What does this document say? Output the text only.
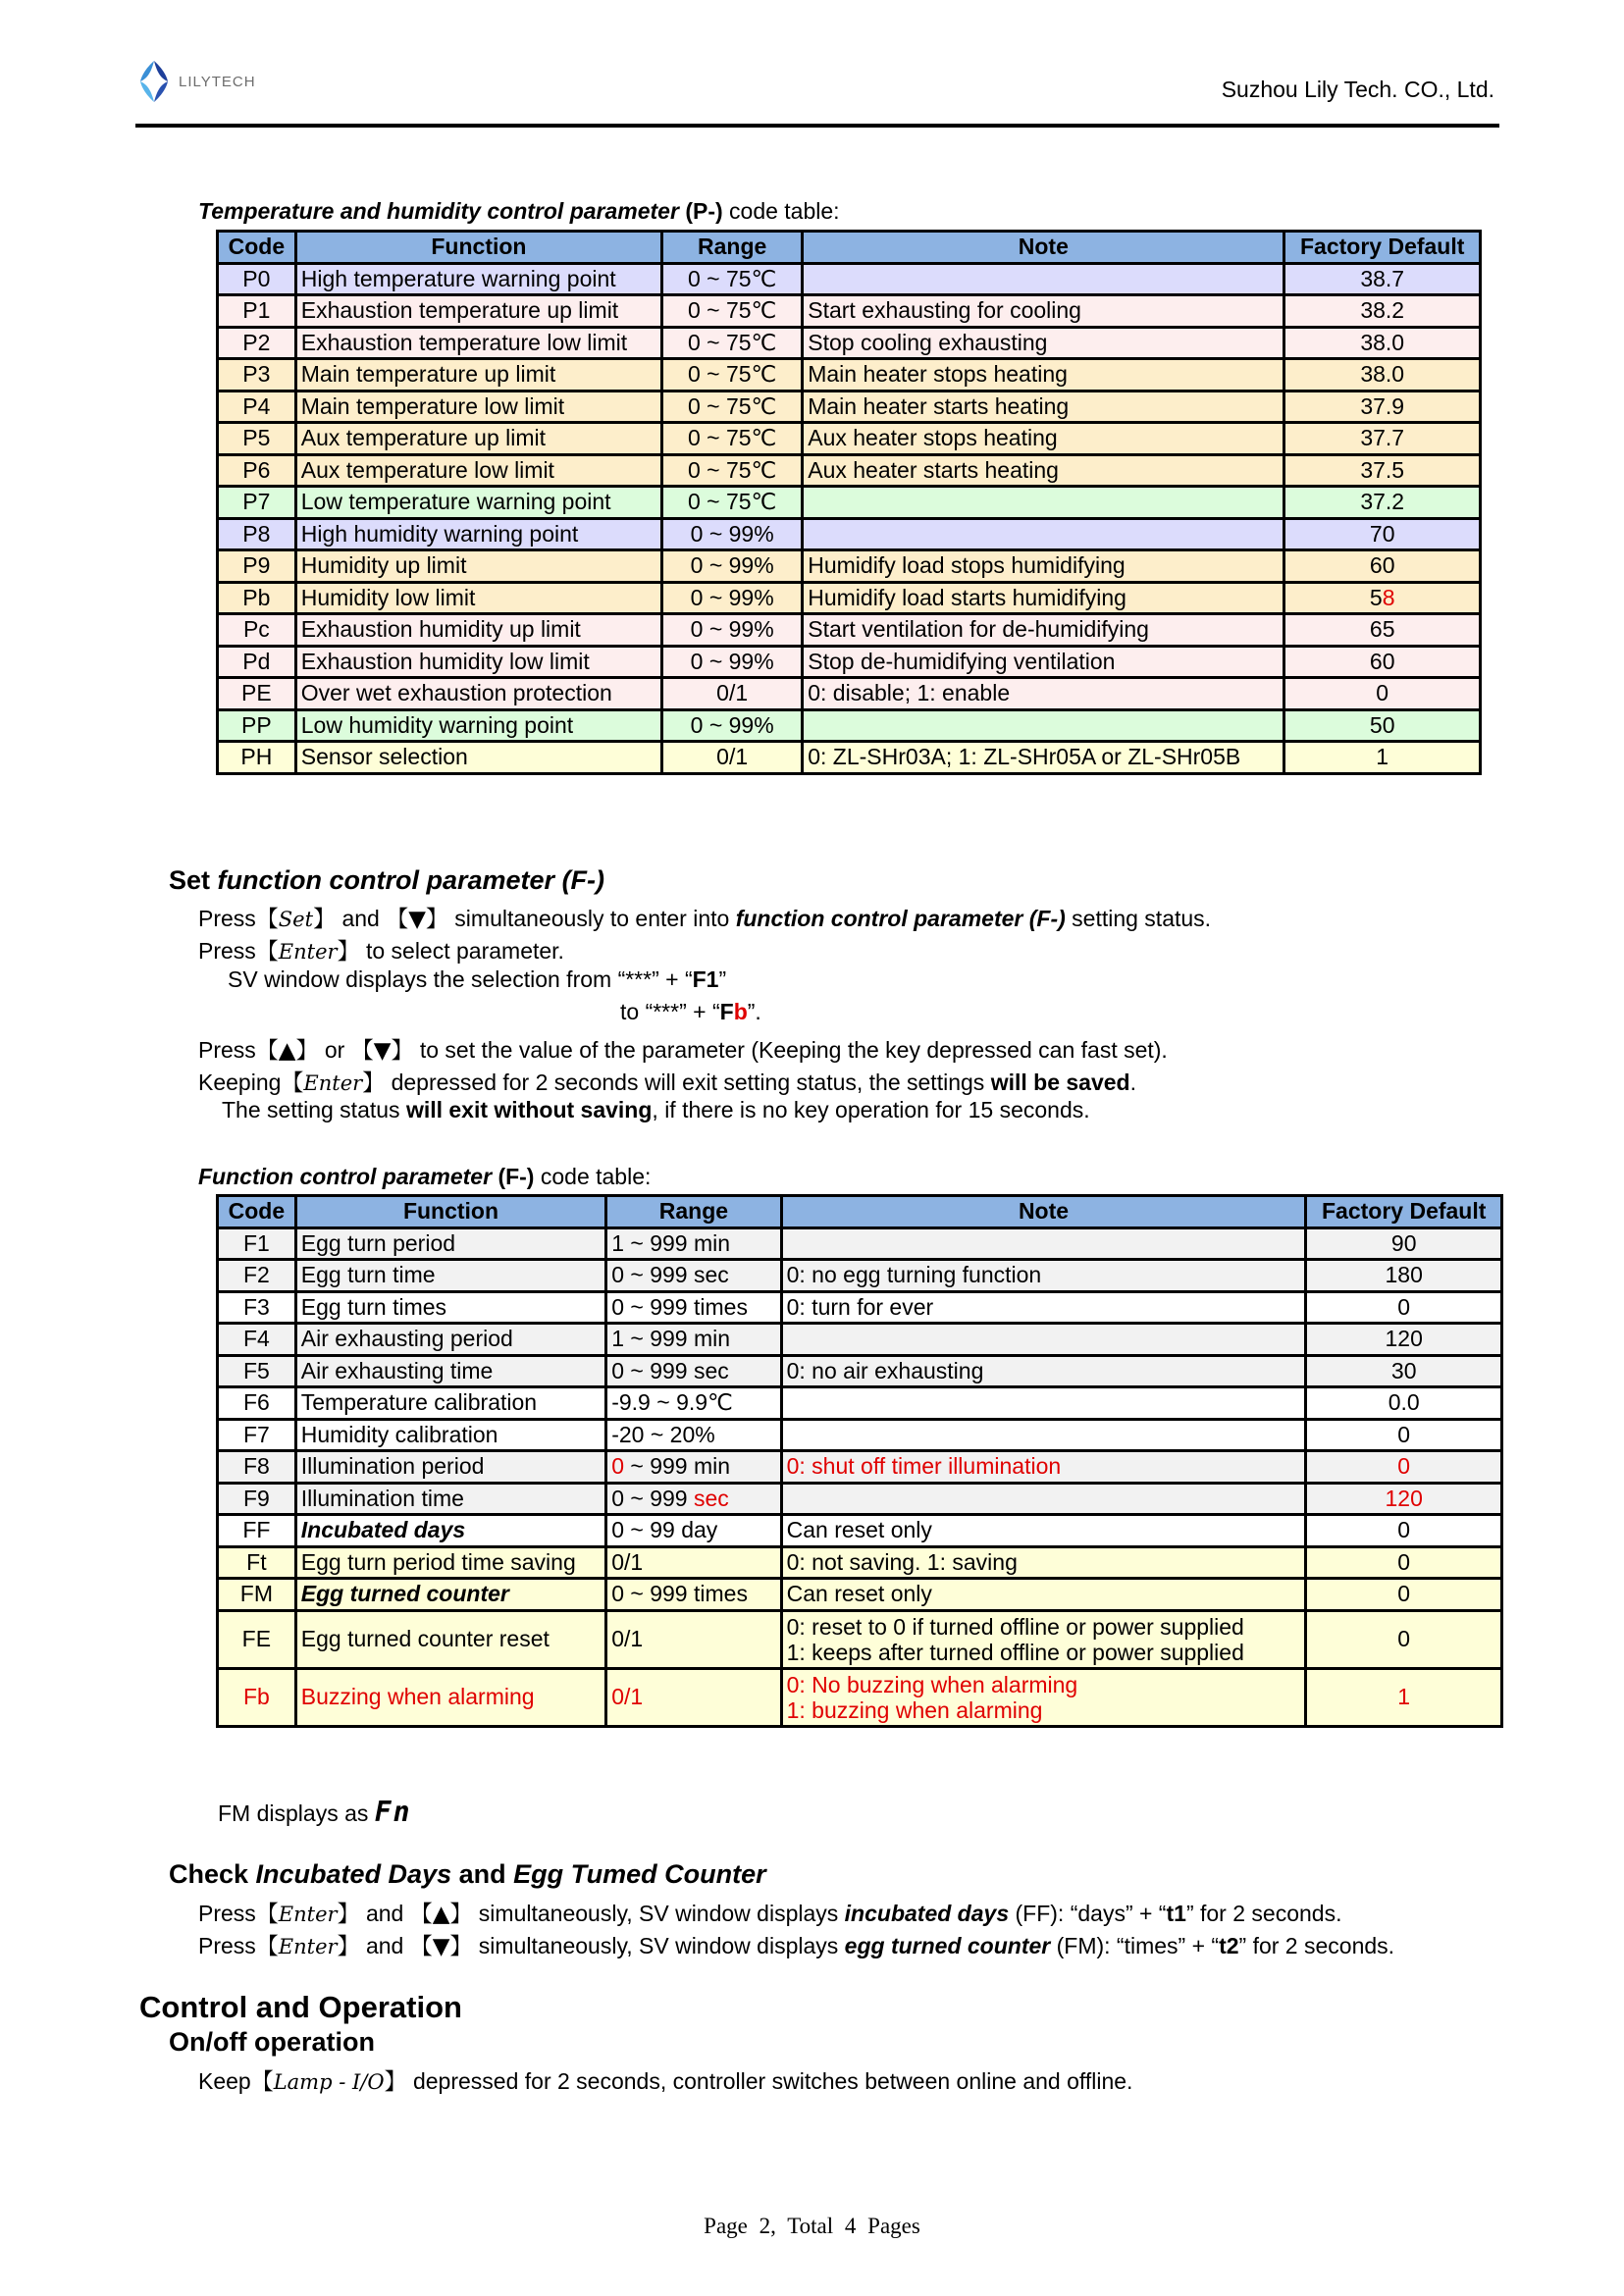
LILYTECH	Suzhou Lily Tech. CO., Ltd.
Temperature and humidity control parameter (P-) code table:
Code	Function	Range	Note	Factory Default
P0	High temperature warning point	0 ~ 75℃		38.7
P1	Exhaustion temperature up limit	0 ~ 75℃	Start exhausting for cooling	38.2
P2	Exhaustion temperature low limit	0 ~ 75℃	Stop cooling exhausting	38.0
P3	Main temperature up limit	0 ~ 75℃	Main heater stops heating	38.0
P4	Main temperature low limit	0 ~ 75℃	Main heater starts heating	37.9
P5	Aux temperature up limit	0 ~ 75℃	Aux heater stops heating	37.7
P6	Aux temperature low limit	0 ~ 75℃	Aux heater starts heating	37.5
P7	Low temperature warning point	0 ~ 75℃		37.2
P8	High humidity warning point	0 ~ 99%		70
P9	Humidity up limit	0 ~ 99%	Humidify load stops humidifying	60
Pb	Humidity low limit	0 ~ 99%	Humidify load starts humidifying	58
Pc	Exhaustion humidity up limit	0 ~ 99%	Start ventilation for de-humidifying	65
Pd	Exhaustion humidity low limit	0 ~ 99%	Stop de-humidifying ventilation	60
PE	Over wet exhaustion protection	0/1	0: disable; 1: enable	0
PP	Low humidity warning point	0 ~ 99%		50
PH	Sensor selection	0/1	0: ZL-SHr03A; 1: ZL-SHr05A or ZL-SHr05B	1
Set function control parameter (F-)
Press【Set】 and 【▼】 simultaneously to enter into function control parameter (F-) setting status.
Press【Enter】 to select parameter.
SV window displays the selection from “***” + “F1”
to “***” + “Fb”.
Press【▲】 or 【▼】 to set the value of the parameter (Keeping the key depressed can fast set).
Keeping【Enter】 depressed for 2 seconds will exit setting status, the settings will be saved.
The setting status will exit without saving, if there is no key operation for 15 seconds.
Function control parameter (F-) code table:
Code	Function	Range	Note	Factory Default
F1	Egg turn period	1 ~ 999 min		90
F2	Egg turn time	0 ~ 999 sec	0: no egg turning function	180
F3	Egg turn times	0 ~ 999 times	0: turn for ever	0
F4	Air exhausting period	1 ~ 999 min		120
F5	Air exhausting time	0 ~ 999 sec	0: no air exhausting	30
F6	Temperature calibration	-9.9 ~ 9.9℃		0.0
F7	Humidity calibration	-20 ~ 20%		0
F8	Illumination period	0 ~ 999 min	0: shut off timer illumination	0
F9	Illumination time	0 ~ 999 sec		120
FF	Incubated days	0 ~ 99 day	Can reset only	0
Ft	Egg turn period time saving	0/1	0: not saving. 1: saving	0
FM	Egg turned counter	0 ~ 999 times	Can reset only	0
FE	Egg turned counter reset	0/1	0: reset to 0 if turned offline or power supplied
1: keeps after turned offline or power supplied	0
Fb	Buzzing when alarming	0/1	0: No buzzing when alarming
1: buzzing when alarming	1
FM displays as Fn
Check Incubated Days and Egg Tumed Counter
Press【Enter】 and 【▲】 simultaneously, SV window displays incubated days (FF): “days” + “t1” for 2 seconds.
Press【Enter】 and 【▼】 simultaneously, SV window displays egg turned counter (FM): “times” + “t2” for 2 seconds.
Control and Operation
On/off operation
Keep【Lamp - I/O】 depressed for 2 seconds, controller switches between online and offline.
Page 2, Total 4 Pages
